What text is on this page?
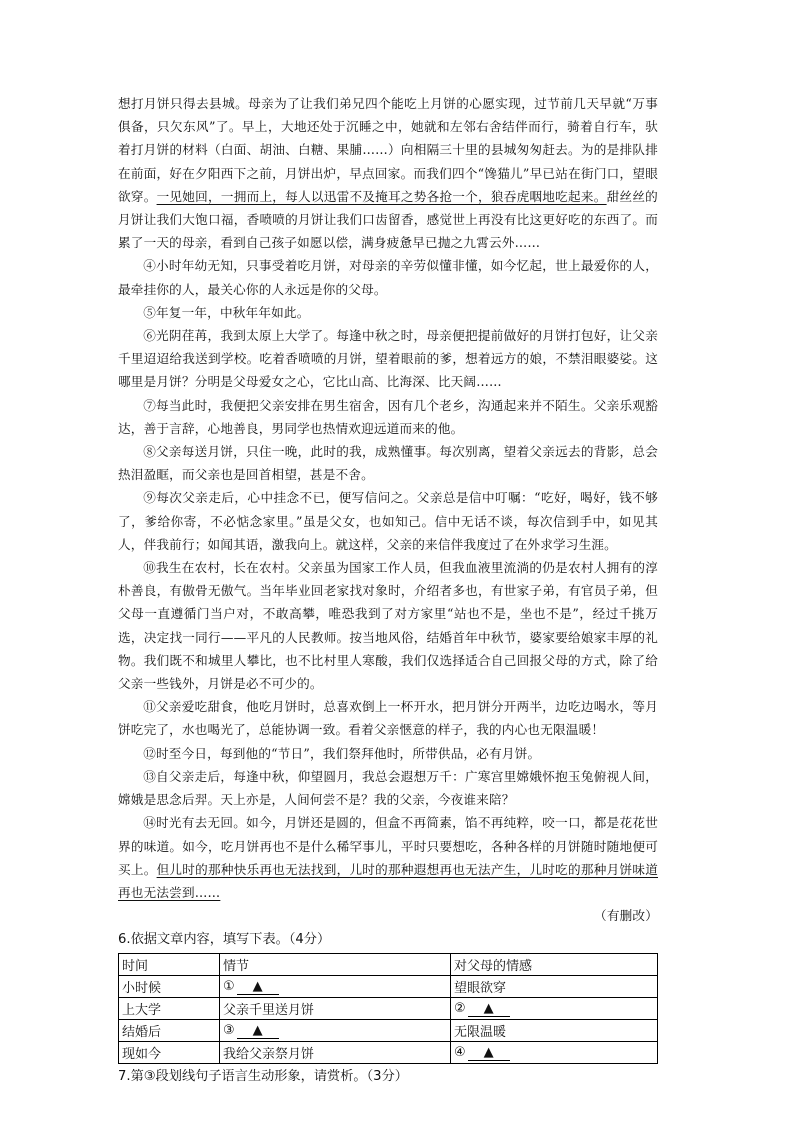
想打月饼只得去县城。母亲为了让我们弟兄四个能吃上月饼的心愿实现，过节前几天早就“万事俱备，只欠东风”了。早上，大地还处于沉睡之中，她就和左邻右舍结伴而行，骑着自行车，驮着打月饼的材料（白面、胡油、白糖、果脯……）向相隔三十里的县城匆匆赶去。为的是排队排在前面，好在夕阳西下之前，月饼出炉，早点回家。而我们四个“馋猫儿”早已站在街门口，望眼欲穿。一见她回，一拥而上，每人以迅雷不及掩耳之势各抢一个，狼吞虎咽地吃起来。甜丝丝的月饼让我们大饱口福，香喷喷的月饼让我们口齿留香，感觉世上再没有比这更好吃的东西了。而累了一天的母亲，看到自己孩子如愿以偿，满身疲惫早已抛之九霄云外……

④小时年幼无知，只事受着吃月饼，对母亲的辛劳似懂非懂，如今忆起，世上最爱你的人，最牵挂你的人，最关心你的人永远是你的父母。

⑤年复一年，中秋年年如此。

⑥光阴荏苒，我到太原上大学了。每逢中秋之时，母亲便把提前做好的月饼打包好，让父亲千里迢迢给我送到学校。吃着香喷喷的月饼，望着眼前的爹，想着远方的娘，不禁泪眼婆娑。这哪里是月饼？分明是父母爱女之心，它比山高、比海深、比天阔……

⑦每当此时，我便把父亲安排在男生宿舍，因有几个老乡，沟通起来并不陌生。父亲乐观豁达，善于言辞，心地善良，男同学也热情欢迎远道而来的他。

⑧父亲每送月饼，只住一晚，此时的我，成熟懂事。每次别离，望着父亲远去的背影，总会热泪盈眶，而父亲也是回首相望，甚是不舍。

⑨每次父亲走后，心中挂念不已，便写信问之。父亲总是信中叮嘱：“吃好，喝好，钱不够了，爹给你寄，不必惦念家里。”虽是父女，也如知己。信中无话不谈，每次信到手中，如见其人，伴我前行；如闻其语，激我向上。就这样，父亲的来信伴我度过了在外求学习生涯。

⑩我生在农村，长在农村。父亲虽为国家工作人员，但我血液里流淌的仍是农村人拥有的淳朴善良，有傲骨无傲气。当年毕业回老家找对象时，介绍者多也，有世家子弟，有官员子弟，但父母一直遵循门当户对，不敢高攀，唯恐我到了对方家里“站也不是，坐也不是”，经过千挑万选，决定找一同行——平凡的人民教师。按当地风俗，结婚首年中秋节，婆家要给娘家丰厚的礼物。我们既不和城里人攀比，也不比村里人寒酸，我们仅选择适合自己回报父母的方式，除了给父亲一些钱外，月饼是必不可少的。

⑪父亲爱吃甜食，他吃月饼时，总喜欢倒上一杯开水，把月饼分开两半，边吃边喝水，等月饼吃完了，水也喝光了，总能协调一致。看着父亲惬意的样子，我的内心也无限温暖！

⑫时至今日，每到他的“节日”，我们祭拜他时，所带供品，必有月饼。

⑬自父亲走后，每逢中秋，仰望圆月，我总会遐想万千：广寒宫里嫦娥怀抱玉兔俯视人间，嫦娥是思念后羿。天上亦是，人间何尝不是？我的父亲，今夜谁来陪？

⑭时光有去无回。如今，月饼还是圆的，但盒不再简素，馅不再纯粹，咬一口，都是花花世界的味道。如今，吃月饼再也不是什么稀罕事儿，平时只要想吃，各种各样的月饼随时随地便可买上。但儿时的那种快乐再也无法找到，儿时的那种遐想再也无法产生，儿时吃的那种月饼味道再也无法尝到……

（有删改）

6.依据文章内容，填写下表。（4分）

时间	情节	对父母的情感
小时候	① ▲	望眼欲穿
上大学	父亲千里送月饼	② ▲
结婚后	③ ▲	无限温暖
现如今	我给父亲祭月饼	④ ▲

7.第③段划线句子语言生动形象，请赏析。（3分）
